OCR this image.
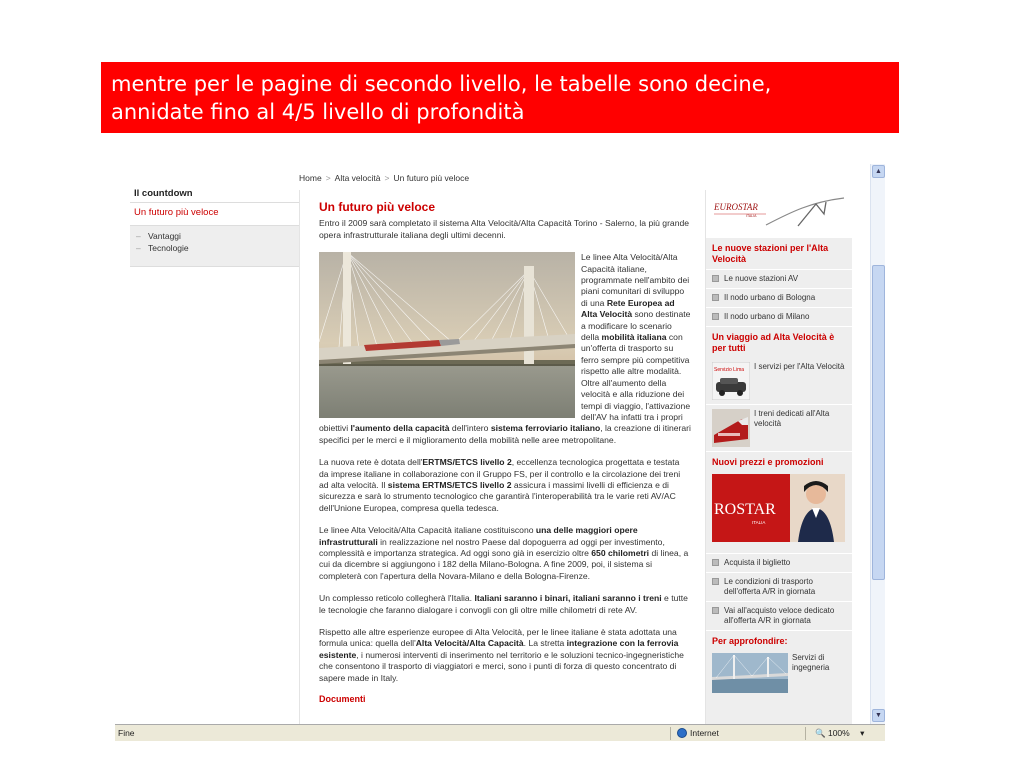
mentre per le pagine di secondo livello, le tabelle sono decine,
annidate fino al 4/5 livello di profondità
Home > Alta velocità > Un futuro più veloce
Il countdown
Un futuro più veloce
– Vantaggi
– Tecnologie
Un futuro più veloce

Entro il 2009 sarà completato il sistema Alta Velocità/Alta Capacità Torino - Salerno, la più grande opera infrastrutturale italiana degli ultimi decenni.

Le linee Alta Velocità/Alta Capacità italiane, programmate nell'ambito dei piani comunitari di sviluppo di una Rete Europea ad Alta Velocità sono destinate a modificare lo scenario della mobilità italiana con un'offerta di trasporto su ferro sempre più competitiva rispetto alle altre modalità.
Oltre all'aumento della velocità e alla riduzione dei tempi di viaggio, l'attivazione dell'AV ha infatti tra i propri obiettivi l'aumento della capacità dell'intero sistema ferroviario italiano, la creazione di itinerari specifici per le merci e il miglioramento della mobilità nelle aree metropolitane.

La nuova rete è dotata dell'ERTMS/ETCS livello 2, eccellenza tecnologica progettata e testata da imprese italiane in collaborazione con il Gruppo FS, per il controllo e la circolazione dei treni ad alta velocità. Il sistema ERTMS/ETCS livello 2 assicura i massimi livelli di efficienza e di sicurezza e sarà lo strumento tecnologico che garantirà l'interoperabilità tra le varie reti AV/AC dell'Unione Europea, compresa quella tedesca.

Le linee Alta Velocità/Alta Capacità italiane costituiscono una delle maggiori opere infrastrutturali in realizzazione nel nostro Paese dal dopoguerra ad oggi per investimento, complessità e importanza strategica. Ad oggi sono già in esercizio oltre 650 chilometri di linea, a cui da dicembre si aggiungono i 182 della Milano-Bologna. A fine 2009, poi, il sistema si completerà con l'apertura della Novara-Milano e della Bologna-Firenze.

Un complesso reticolo collegherà l'Italia. Italiani saranno i binari, italiani saranno i treni e tutte le tecnologie che faranno dialogare i convogli con gli oltre mille chilometri di rete AV.

Rispetto alle altre esperienze europee di Alta Velocità, per le linee italiane è stata adottata una formula unica: quella dell'Alta Velocità/Alta Capacità. La stretta integrazione con la ferrovia esistente, i numerosi interventi di inserimento nel territorio e le soluzioni tecnico-ingegneristiche che consentono il trasporto di viaggiatori e merci, sono i punti di forza di questo concentrato di sapere made in Italy.

Documenti
EUROSTAR
ITALIA
Le nuove stazioni per l'Alta Velocità
Le nuove stazioni AV
Il nodo urbano di Bologna
Il nodo urbano di Milano
Un viaggio ad Alta Velocità è per tutti
Servizio Lima I servizi per l'Alta Velocità
I treni dedicati all'Alta velocità
Nuovi prezzi e promozioni
ROSTAR
ITALIA
Acquista il biglietto
Le condizioni di trasporto dell'offerta A/R in giornata
Vai all'acquisto veloce dedicato all'offerta A/R in giornata
Per approfondire:
Servizi di ingegneria
▲
▼
Fine	Internet	🔍 100% ▾
